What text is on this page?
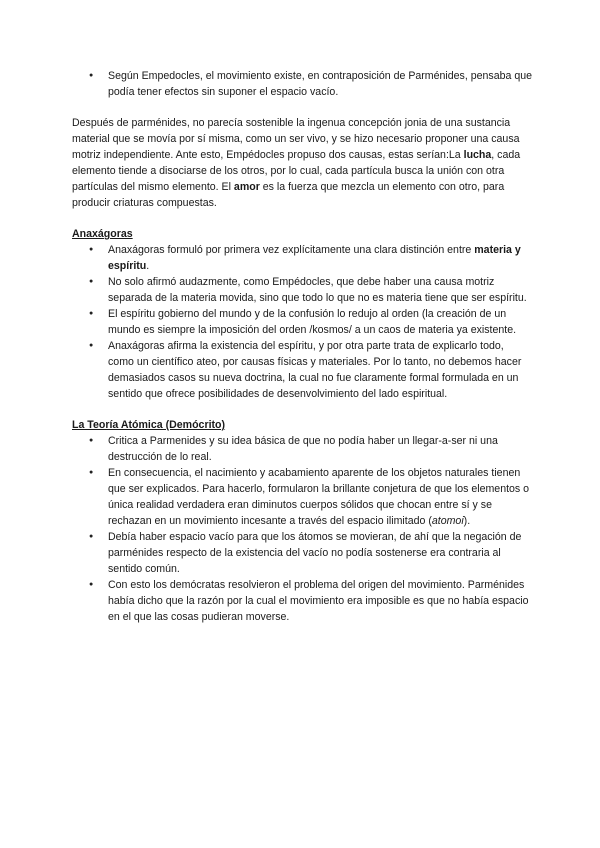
● Según Empedocles, el movimiento existe, en contraposición de Parménides, pensaba que podía tener efectos sin suponer el espacio vacío.

Después de parménides, no parecía sostenible la ingenua concepción jonia de una sustancia material que se movía por sí misma, como un ser vivo, y se hizo necesario proponer una causa motriz independiente. Ante esto, Empédocles propuso dos causas, estas serían:La lucha, cada elemento tiende a disociarse de los otros, por lo cual, cada partícula busca la unión con otra partículas del mismo elemento. El amor es la fuerza que mezcla un elemento con otro, para producir criaturas compuestas.

Anaxágoras

● Anaxágoras formuló por primera vez explícitamente una clara distinción entre materia y espíritu.
● No solo afirmó audazmente, como Empédocles, que debe haber una causa motriz separada de la materia movida, sino que todo lo que no es materia tiene que ser espíritu.
● El espíritu gobierno del mundo y de la confusión lo redujo al orden (la creación de un mundo es siempre la imposición del orden /kosmos/ a un caos de materia ya existente.
● Anaxágoras afirma la existencia del espíritu, y por otra parte trata de explicarlo todo, como un científico ateo, por causas físicas y materiales. Por lo tanto, no debemos hacer demasiados casos su nueva doctrina, la cual no fue claramente formal formulada en un sentido que ofrece posibilidades de desenvolvimiento del lado espiritual.

La Teoría Atómica (Demócrito)

● Critica a Parmenides y su idea básica de que no podía haber un llegar-a-ser ni una destrucción de lo real.
● En consecuencia, el nacimiento y acabamiento aparente de los objetos naturales tienen que ser explicados. Para hacerlo, formularon la brillante conjetura de que los elementos o única realidad verdadera eran diminutos cuerpos sólidos que chocan entre sí y se rechazan en un movimiento incesante a través del espacio ilimitado (atomoi).
● Debía haber espacio vacío para que los átomos se movieran, de ahí que la negación de parménides respecto de la existencia del vacío no podía sostenerse era contraria al sentido común.
● Con esto los demócratas resolvieron el problema del origen del movimiento. Parménides había dicho que la razón por la cual el movimiento era imposible es que no había espacio en el que las cosas pudieran moverse.
